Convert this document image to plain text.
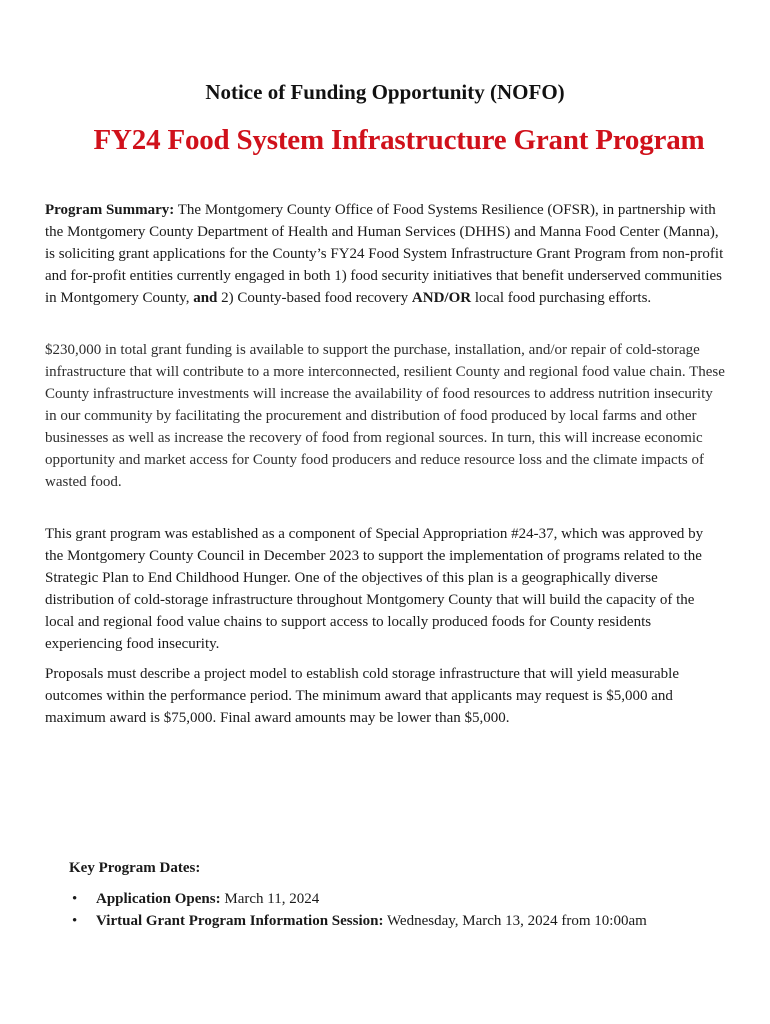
Notice of Funding Opportunity (NOFO)
FY24 Food System Infrastructure Grant Program

Program Summary: The Montgomery County Office of Food Systems Resilience (OFSR), in partnership with the Montgomery County Department of Health and Human Services (DHHS) and Manna Food Center (Manna), is soliciting grant applications for the County’s FY24 Food System Infrastructure Grant Program from non-profit and for-profit entities currently engaged in both 1) food security initiatives that benefit underserved communities in Montgomery County, and 2) County-based food recovery AND/OR local food purchasing efforts.

$230,000 in total grant funding is available to support the purchase, installation, and/or repair of cold-storage infrastructure that will contribute to a more interconnected, resilient County and regional food value chain. These County infrastructure investments will increase the availability of food resources to address nutrition insecurity in our community by facilitating the procurement and distribution of food produced by local farms and other businesses as well as increase the recovery of food from regional sources. In turn, this will increase economic opportunity and market access for County food producers and reduce resource loss and the climate impacts of wasted food.

This grant program was established as a component of Special Appropriation #24-37, which was approved by the Montgomery County Council in December 2023 to support the implementation of programs related to the Strategic Plan to End Childhood Hunger. One of the objectives of this plan is a geographically diverse distribution of cold-storage infrastructure throughout Montgomery County that will build the capacity of the local and regional food value chains to support access to locally produced foods for County residents experiencing food insecurity.

Proposals must describe a project model to establish cold storage infrastructure that will yield measurable outcomes within the performance period. The minimum award that applicants may request is $5,000 and maximum award is $75,000. Final award amounts may be lower than $5,000.

Key Program Dates:

• Application Opens: March 11, 2024
• Virtual Grant Program Information Session: Wednesday, March 13, 2024 from 10:00am
